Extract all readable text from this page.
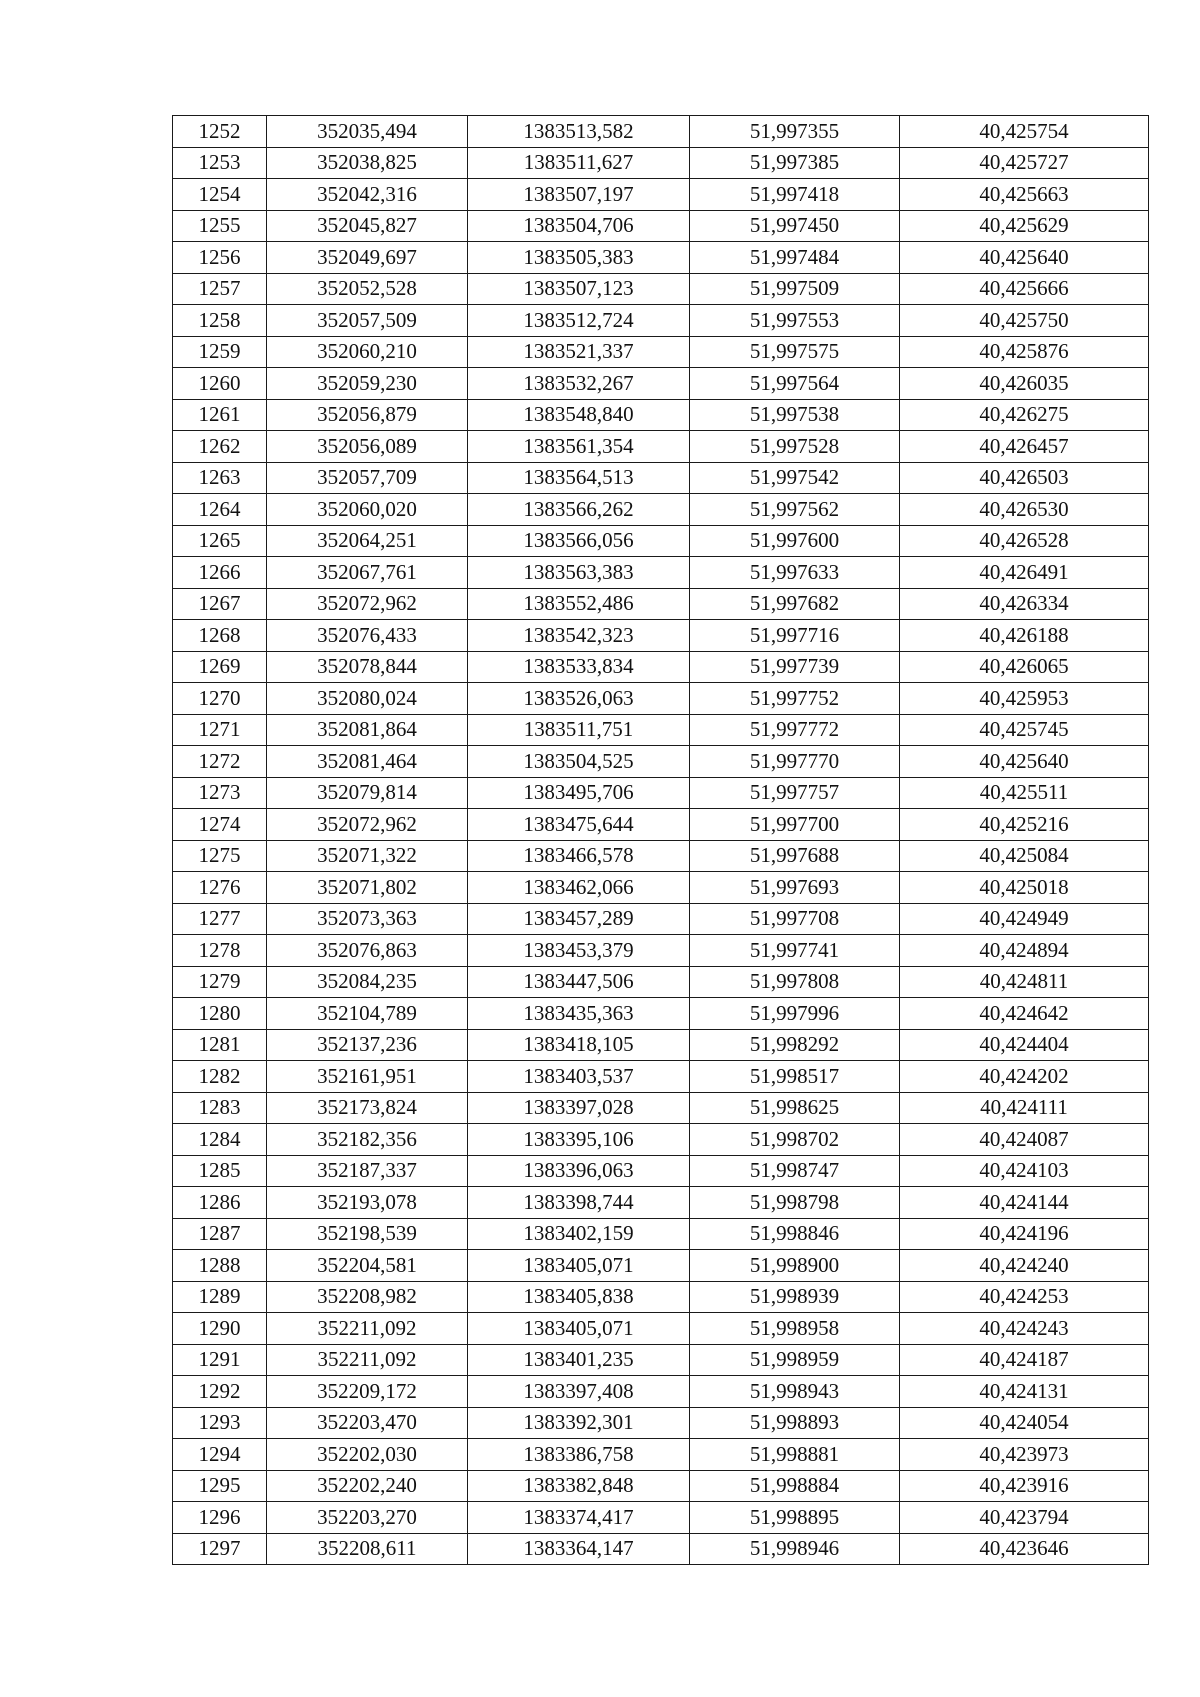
1252	352035,494	1383513,582	51,997355	40,425754
1253	352038,825	1383511,627	51,997385	40,425727
1254	352042,316	1383507,197	51,997418	40,425663
1255	352045,827	1383504,706	51,997450	40,425629
1256	352049,697	1383505,383	51,997484	40,425640
1257	352052,528	1383507,123	51,997509	40,425666
1258	352057,509	1383512,724	51,997553	40,425750
1259	352060,210	1383521,337	51,997575	40,425876
1260	352059,230	1383532,267	51,997564	40,426035
1261	352056,879	1383548,840	51,997538	40,426275
1262	352056,089	1383561,354	51,997528	40,426457
1263	352057,709	1383564,513	51,997542	40,426503
1264	352060,020	1383566,262	51,997562	40,426530
1265	352064,251	1383566,056	51,997600	40,426528
1266	352067,761	1383563,383	51,997633	40,426491
1267	352072,962	1383552,486	51,997682	40,426334
1268	352076,433	1383542,323	51,997716	40,426188
1269	352078,844	1383533,834	51,997739	40,426065
1270	352080,024	1383526,063	51,997752	40,425953
1271	352081,864	1383511,751	51,997772	40,425745
1272	352081,464	1383504,525	51,997770	40,425640
1273	352079,814	1383495,706	51,997757	40,425511
1274	352072,962	1383475,644	51,997700	40,425216
1275	352071,322	1383466,578	51,997688	40,425084
1276	352071,802	1383462,066	51,997693	40,425018
1277	352073,363	1383457,289	51,997708	40,424949
1278	352076,863	1383453,379	51,997741	40,424894
1279	352084,235	1383447,506	51,997808	40,424811
1280	352104,789	1383435,363	51,997996	40,424642
1281	352137,236	1383418,105	51,998292	40,424404
1282	352161,951	1383403,537	51,998517	40,424202
1283	352173,824	1383397,028	51,998625	40,424111
1284	352182,356	1383395,106	51,998702	40,424087
1285	352187,337	1383396,063	51,998747	40,424103
1286	352193,078	1383398,744	51,998798	40,424144
1287	352198,539	1383402,159	51,998846	40,424196
1288	352204,581	1383405,071	51,998900	40,424240
1289	352208,982	1383405,838	51,998939	40,424253
1290	352211,092	1383405,071	51,998958	40,424243
1291	352211,092	1383401,235	51,998959	40,424187
1292	352209,172	1383397,408	51,998943	40,424131
1293	352203,470	1383392,301	51,998893	40,424054
1294	352202,030	1383386,758	51,998881	40,423973
1295	352202,240	1383382,848	51,998884	40,423916
1296	352203,270	1383374,417	51,998895	40,423794
1297	352208,611	1383364,147	51,998946	40,423646
